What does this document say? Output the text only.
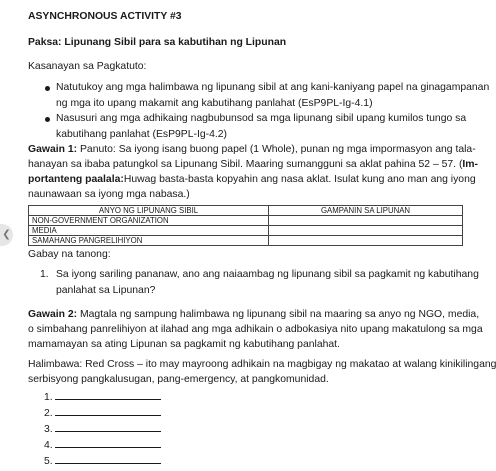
❮
ASYNCHRONOUS ACTIVITY #3
Paksa: Lipunang Sibil para sa kabutihan ng Lipunan
Kasanayan sa Pagkatuto:
Natutukoy ang mga halimbawa ng lipunang sibil at ang kani-kaniyang papel na ginagampanan
ng mga ito upang makamit ang kabutihang panlahat (EsP9PL-Ig-4.1)
Nasusuri ang mga adhikaing nagbubunsod sa mga lipunang sibil upang kumilos tungo sa
kabutihang panlahat (EsP9PL-Ig-4.2)
Gawain 1: Panuto: Sa iyong isang buong papel (1 Whole), punan ng mga impormasyon ang tala-
hanayan sa ibaba patungkol sa Lipunang Sibil. Maaring sumangguni sa aklat pahina 52 – 57. (Im-
portanteng paalala:Huwag basta-basta kopyahin ang nasa aklat. Isulat kung ano man ang iyong
naunawaan sa iyong mga nabasa.)
ANYO NG LIPUNANG SIBIL	GAMPANIN SA LIPUNAN
NON-GOVERNMENT ORGANIZATION	
MEDIA	
SAMAHANG PANGRELIHIYON	
Gabay na tanong:
1. Sa iyong sariling pananaw, ano ang naiaambag ng lipunang sibil sa pagkamit ng kabutihang
panlahat sa Lipunan?
Gawain 2: Magtala ng sampung halimbawa ng lipunang sibil na maaring sa anyo ng NGO, media,
o simbahang panrelihiyon at ilahad ang mga adhikain o adbokasiya nito upang makatulong sa mga
mamamayan sa ating Lipunan sa pagkamit ng kabutihang panlahat.
Halimbawa: Red Cross – ito may mayroong adhikain na magbigay ng makatao at walang kinikilingang
serbisyong pangkalusugan, pang-emergency, at pangkomunidad.
1.
2.
3.
4.
5.
